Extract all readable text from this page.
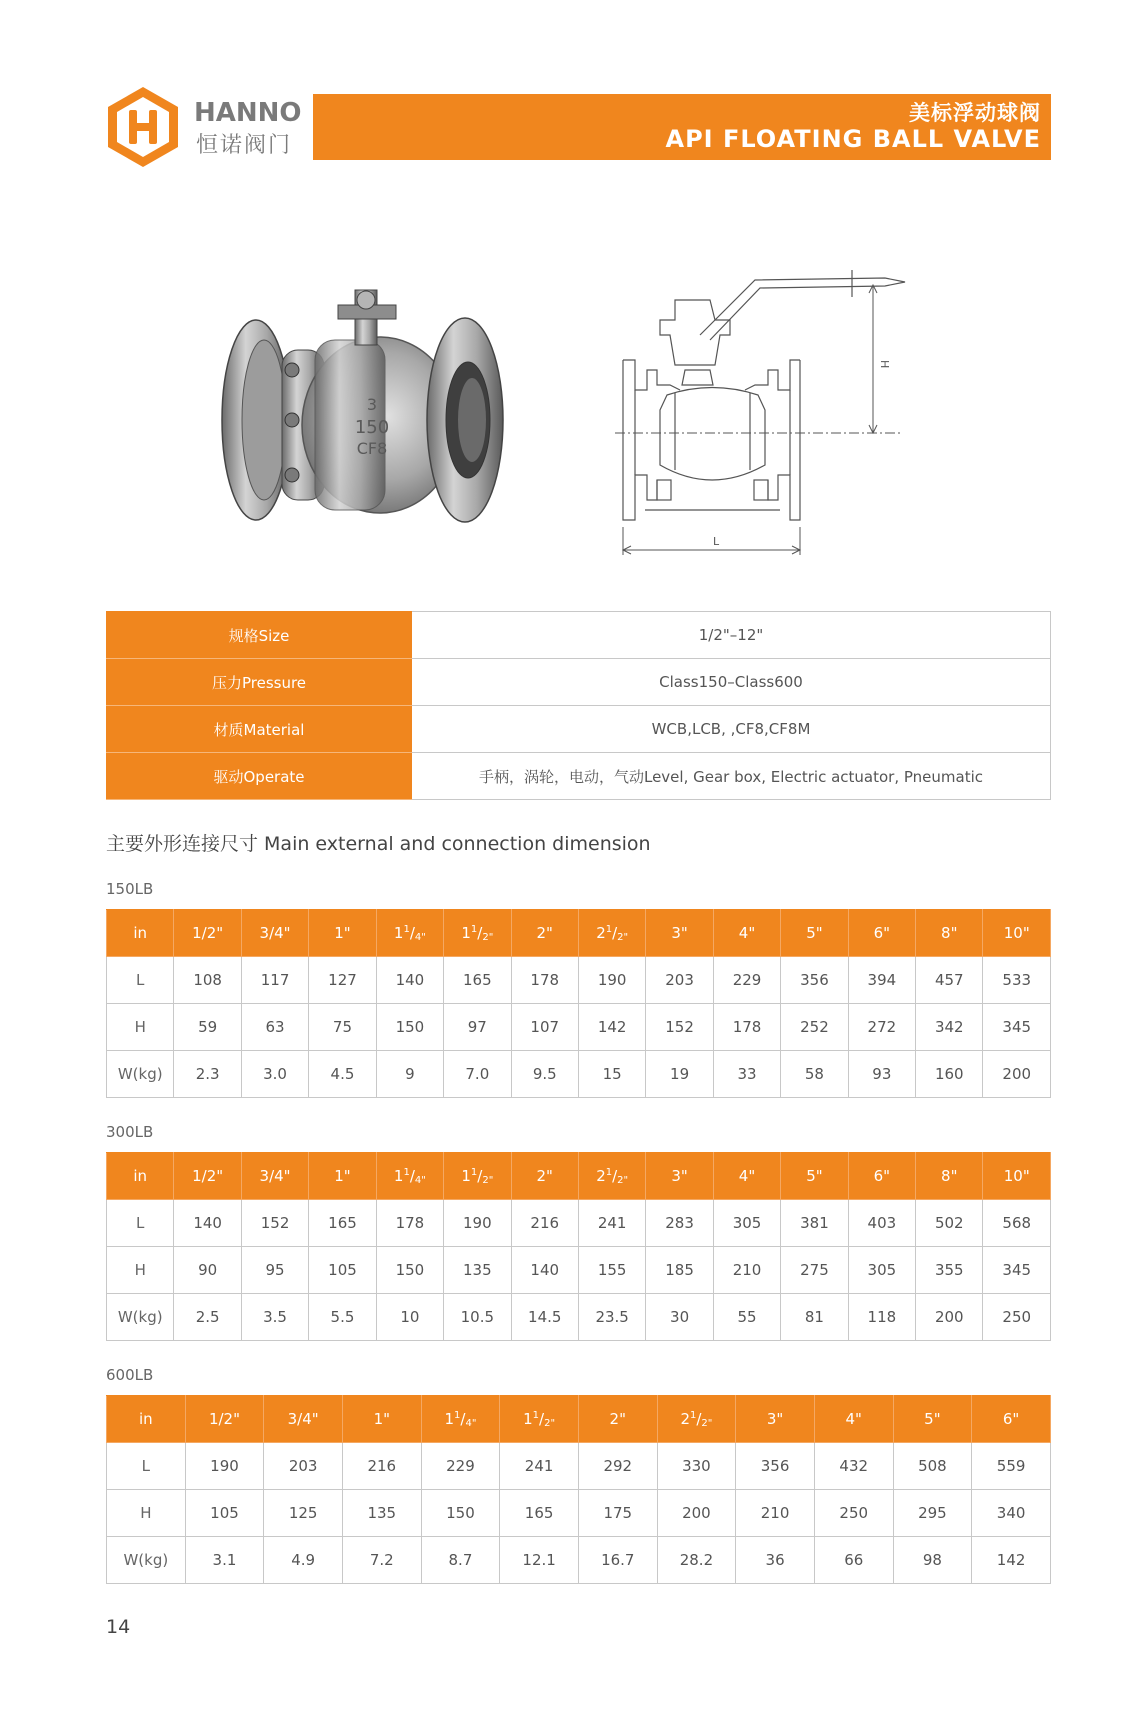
HANNO
恒诺阀门
美标浮动球阀
API FLOATING BALL VALVE
3
150
CF8
H
L
规格Size	1/2"–12"
压力Pressure	Class150–Class600
材质Material	WCB,LCB, ,CF8,CF8M
驱动Operate	手柄，涡轮，电动，气动Level, Gear box, Electric actuator, Pneumatic
主要外形连接尺寸 Main external and connection dimension
150LB
in	1/2"	3/4"	1"	$1^1/_{4"}$	$1^1/_{2"}$	2"	$2^1/_{2"}$	3"	4"	5"	6"	8"	10"
L	108	117	127	140	165	178	190	203	229	356	394	457	533
H	59	63	75	150	97	107	142	152	178	252	272	342	345
W(kg)	2.3	3.0	4.5	9	7.0	9.5	15	19	33	58	93	160	200
300LB
in	1/2"	3/4"	1"	$1^1/_{4"}$	$1^1/_{2"}$	2"	$2^1/_{2"}$	3"	4"	5"	6"	8"	10"
L	140	152	165	178	190	216	241	283	305	381	403	502	568
H	90	95	105	150	135	140	155	185	210	275	305	355	345
W(kg)	2.5	3.5	5.5	10	10.5	14.5	23.5	30	55	81	118	200	250
600LB
in	1/2"	3/4"	1"	$1^1/_{4"}$	$1^1/_{2"}$	2"	$2^1/_{2"}$	3"	4"	5"	6"
L	190	203	216	229	241	292	330	356	432	508	559
H	105	125	135	150	165	175	200	210	250	295	340
W(kg)	3.1	4.9	7.2	8.7	12.1	16.7	28.2	36	66	98	142
14
